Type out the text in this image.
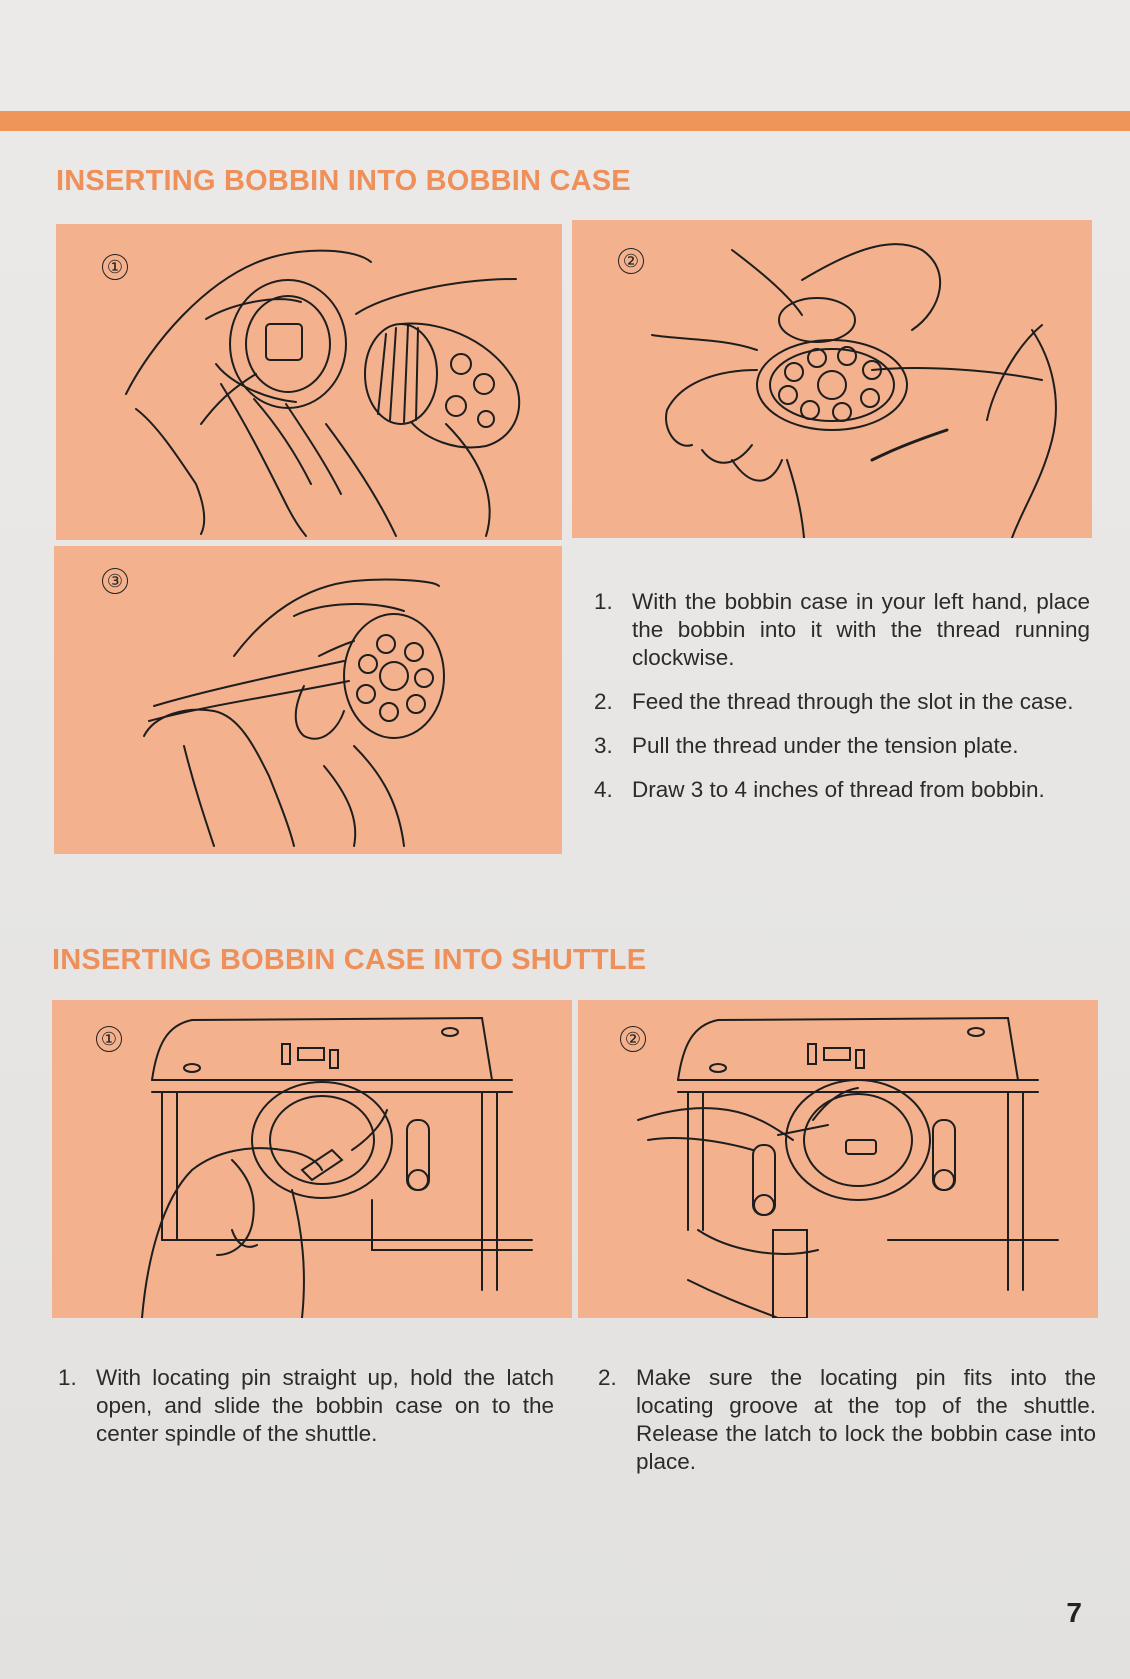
INSERTING BOBBIN INTO BOBBIN CASE
①	②
③
1. With the bobbin case in your left hand, place the bobbin into it with the thread running clockwise.
2. Feed the thread through the slot in the case.
3. Pull the thread under the tension plate.
4. Draw 3 to 4 inches of thread from bobbin.
INSERTING BOBBIN CASE INTO SHUTTLE
①	②
1. With locating pin straight up, hold the latch open, and slide the bobbin case on to the center spindle of the shuttle.
2. Make sure the locating pin fits into the locating groove at the top of the shuttle. Release the latch to lock the bobbin case into place.
7
